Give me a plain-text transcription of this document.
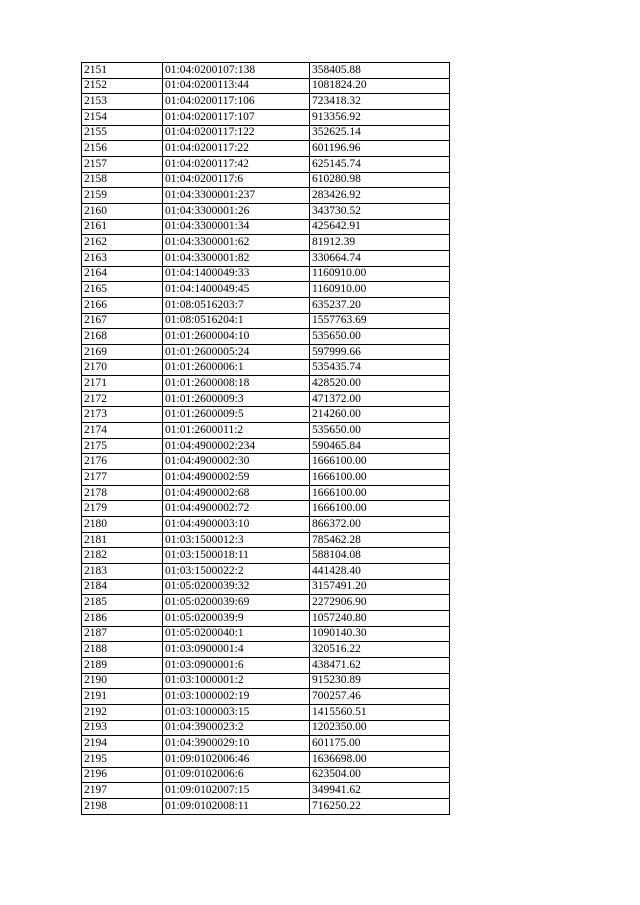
2151	01:04:0200107:138	358405.88
2152	01:04:0200113:44	1081824.20
2153	01:04:0200117:106	723418.32
2154	01:04:0200117:107	913356.92
2155	01:04:0200117:122	352625.14
2156	01:04:0200117:22	601196.96
2157	01:04:0200117:42	625145.74
2158	01:04:0200117:6	610280.98
2159	01:04:3300001:237	283426.92
2160	01:04:3300001:26	343730.52
2161	01:04:3300001:34	425642.91
2162	01:04:3300001:62	81912.39
2163	01:04:3300001:82	330664.74
2164	01:04:1400049:33	1160910.00
2165	01:04:1400049:45	1160910.00
2166	01:08:0516203:7	635237.20
2167	01:08:0516204:1	1557763.69
2168	01:01:2600004:10	535650.00
2169	01:01:2600005:24	597999.66
2170	01:01:2600006:1	535435.74
2171	01:01:2600008:18	428520.00
2172	01:01:2600009:3	471372.00
2173	01:01:2600009:5	214260.00
2174	01:01:2600011:2	535650.00
2175	01:04:4900002:234	590465.84
2176	01:04:4900002:30	1666100.00
2177	01:04:4900002:59	1666100.00
2178	01:04:4900002:68	1666100.00
2179	01:04:4900002:72	1666100.00
2180	01:04:4900003:10	866372.00
2181	01:03:1500012:3	785462.28
2182	01:03:1500018:11	588104.08
2183	01:03:1500022:2	441428.40
2184	01:05:0200039:32	3157491.20
2185	01:05:0200039:69	2272906.90
2186	01:05:0200039:9	1057240.80
2187	01:05:0200040:1	1090140.30
2188	01:03:0900001:4	320516.22
2189	01:03:0900001:6	438471.62
2190	01:03:1000001:2	915230.89
2191	01:03:1000002:19	700257.46
2192	01:03:1000003:15	1415560.51
2193	01:04:3900023:2	1202350.00
2194	01:04:3900029:10	601175.00
2195	01:09:0102006:46	1636698.00
2196	01:09:0102006:6	623504.00
2197	01:09:0102007:15	349941.62
2198	01:09:0102008:11	716250.22
